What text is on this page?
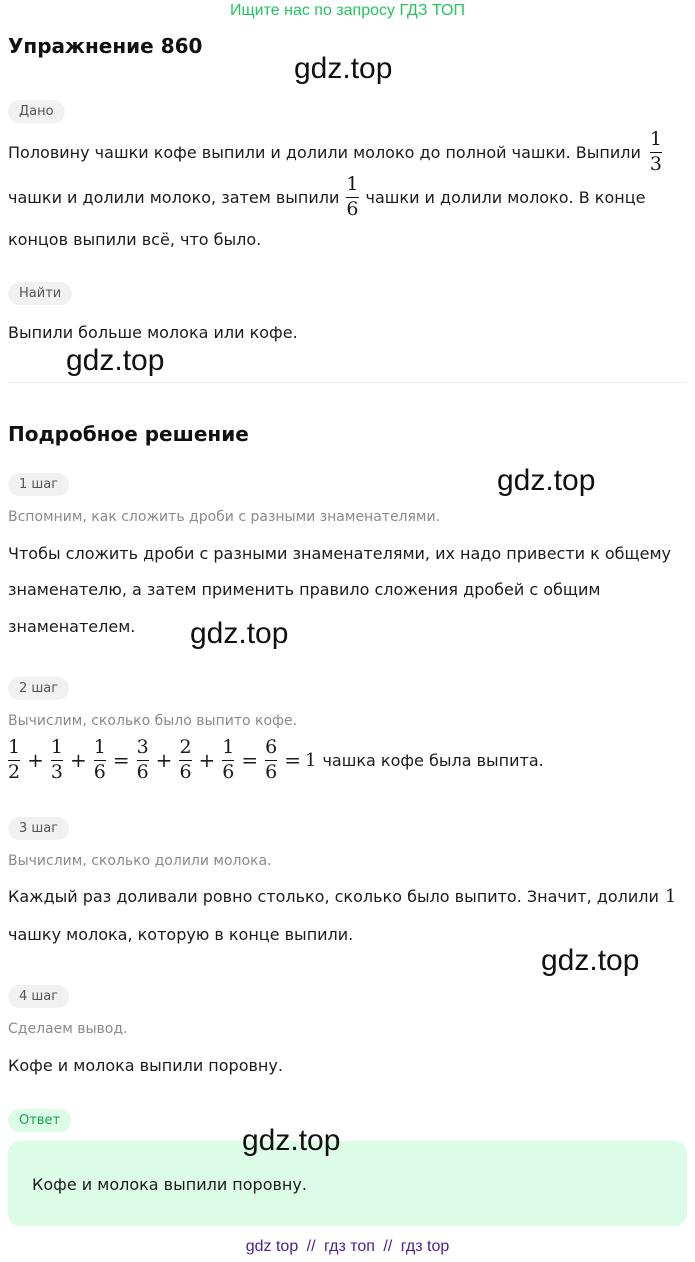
Ищите нас по запросу ГДЗ ТОП
Упражнение 860
gdz.top
Дано
Половину чашки кофе выпили и долили молоко до полной чашки. Выпили $\frac{1}{3}$
чашки и долили молоко, затем выпили $\frac{1}{6}$ чашки и долили молоко. В конце
концов выпили всё, что было.
Найти
Выпили больше молока или кофе.
gdz.top
Подробное решение
1 шаг	gdz.top
Вспомним, как сложить дроби с разными знаменателями.
Чтобы сложить дроби с разными знаменателями, их надо привести к общему
знаменателю, а затем применить правило сложения дробей с общим
знаменателем. gdz.top
2 шаг
Вычислим, сколько было выпито кофе.
$\frac{1}{2} + \frac{1}{3} + \frac{1}{6} = \frac{3}{6} + \frac{2}{6} + \frac{1}{6} = \frac{6}{6} = 1$ чашка кофе была выпита.
3 шаг
Вычислим, сколько долили молока.
Каждый раз доливали ровно столько, сколько было выпито. Значит, долили 1
чашку молока, которую в конце выпили.
gdz.top
4 шаг
Сделаем вывод.
Кофе и молока выпили поровну.
Ответ
gdz.top
Кофе и молока выпили поровну.
gdz top // гдз топ // гдз top
